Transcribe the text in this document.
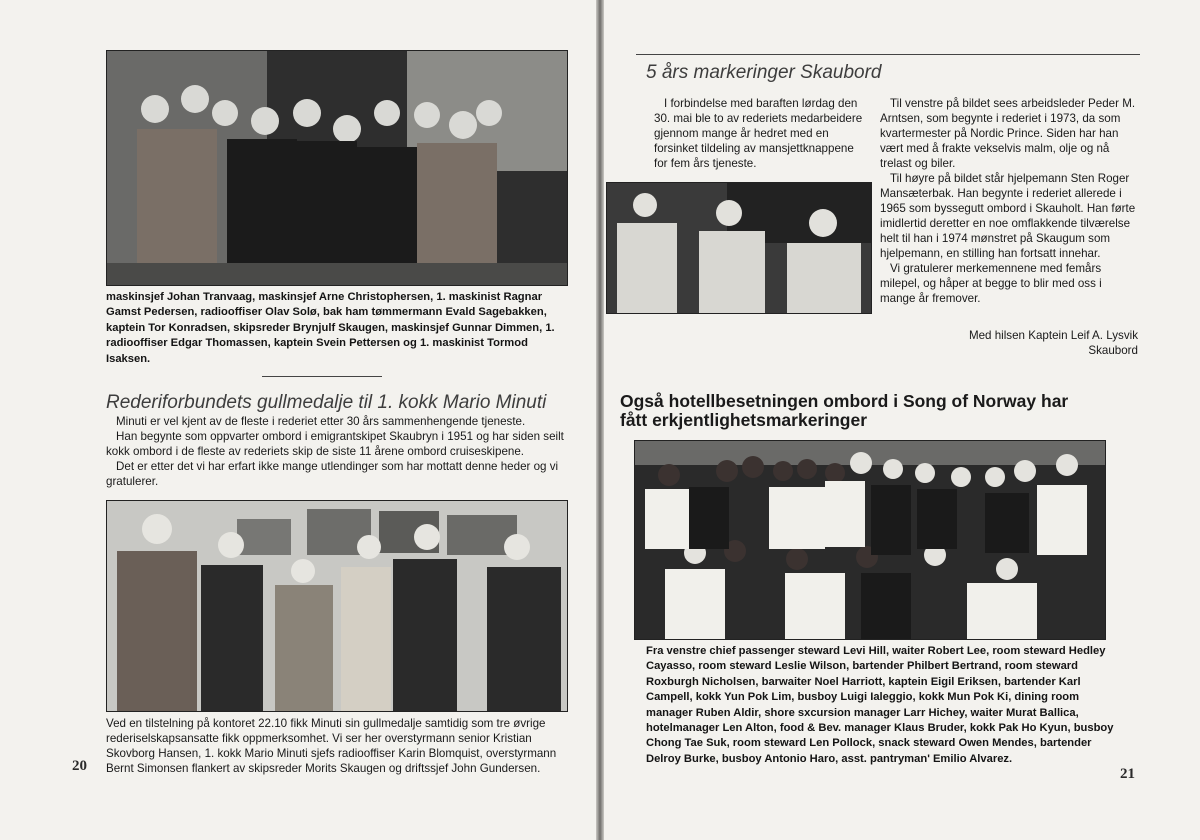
maskinsjef Johan Tranvaag, maskinsjef Arne Christophersen, 1. maskinist Ragnar Gamst Pedersen, radiooffiser Olav Solø, bak ham tømmermann Evald Sagebakken, kaptein Tor Konradsen, skipsreder Brynjulf Skaugen, maskinsjef Gunnar Dimmen, 1. radiooffiser Edgar Thomassen, kaptein Svein Pettersen og 1. maskinist Tormod Isaksen.
Rederiforbundets gullmedalje til 1. kokk Mario Minuti

Minuti er vel kjent av de fleste i rederiet etter 30 års sammenhengende tjeneste.

Han begynte som oppvarter ombord i emigrantskipet Skaubryn i 1951 og har siden seilt kokk ombord i de fleste av rederiets skip de siste 11 årene ombord cruiseskipene.

Det er etter det vi har erfart ikke mange utlendinger som har mottatt denne heder og vi gratulerer.

Ved en tilstelning på kontoret 22.10 fikk Minuti sin gullmedalje samtidig som tre øvrige rederiselskapsansatte fikk oppmerksomhet. Vi ser her overstyrmann senior Kristian Skovborg Hansen, 1. kokk Mario Minuti sjefs radiooffiser Karin Blomquist, overstyrmann Bernt Simonsen flankert av skipsreder Morits Skaugen og driftssjef John Gundersen.
20
5 års markeringer Skaubord

I forbindelse med baraften lørdag den 30. mai ble to av rederiets medarbeidere gjennom mange år hedret med en forsinket tildeling av mansjettknappene for fem års tjeneste.

Til venstre på bildet sees arbeidsleder Peder M. Arntsen, som begynte i rederiet i 1973, da som kvartermester på Nordic Prince. Siden har han vært med å frakte vekselvis malm, olje og nå trelast og biler.

Til høyre på bildet står hjelpemann Sten Roger Mansæterbak. Han begynte i rederiet allerede i 1965 som byssegutt ombord i Skauholt. Han førte imidlertid deretter en noe omflakkende tilværelse helt til han i 1974 mønstret på Skaugum som hjelpemann, en stilling han fortsatt innehar.

Vi gratulerer merkemennene med femårs milepel, og håper at begge to blir med oss i mange år fremover.

Med hilsen Kaptein Leif A. Lysvik
Skaubord
Også hotellbesetningen ombord i Song of Norway har fått erkjentlighetsmarkeringer
Fra venstre chief passenger steward Levi Hill, waiter Robert Lee, room steward Hedley Cayasso, room steward Leslie Wilson, bartender Philbert Bertrand, room steward Roxburgh Nicholsen, barwaiter Noel Harriott, kaptein Eigil Eriksen, bartender Karl Campell, kokk Yun Pok Lim, busboy Luigi Ialeggio, kokk Mun Pok Ki, dining room manager Ruben Aldir, shore sxcursion manager Larr Hichey, waiter Murat Ballica, hotelmanager Len Alton, food & Bev. manager Klaus Bruder, kokk Pak Ho Kyun, busboy Chong Tae Suk, room steward Len Pollock, snack steward Owen Mendes, bartender Delroy Burke, busboy Antonio Haro, asst. pantryman' Emilio Alvarez.
21
